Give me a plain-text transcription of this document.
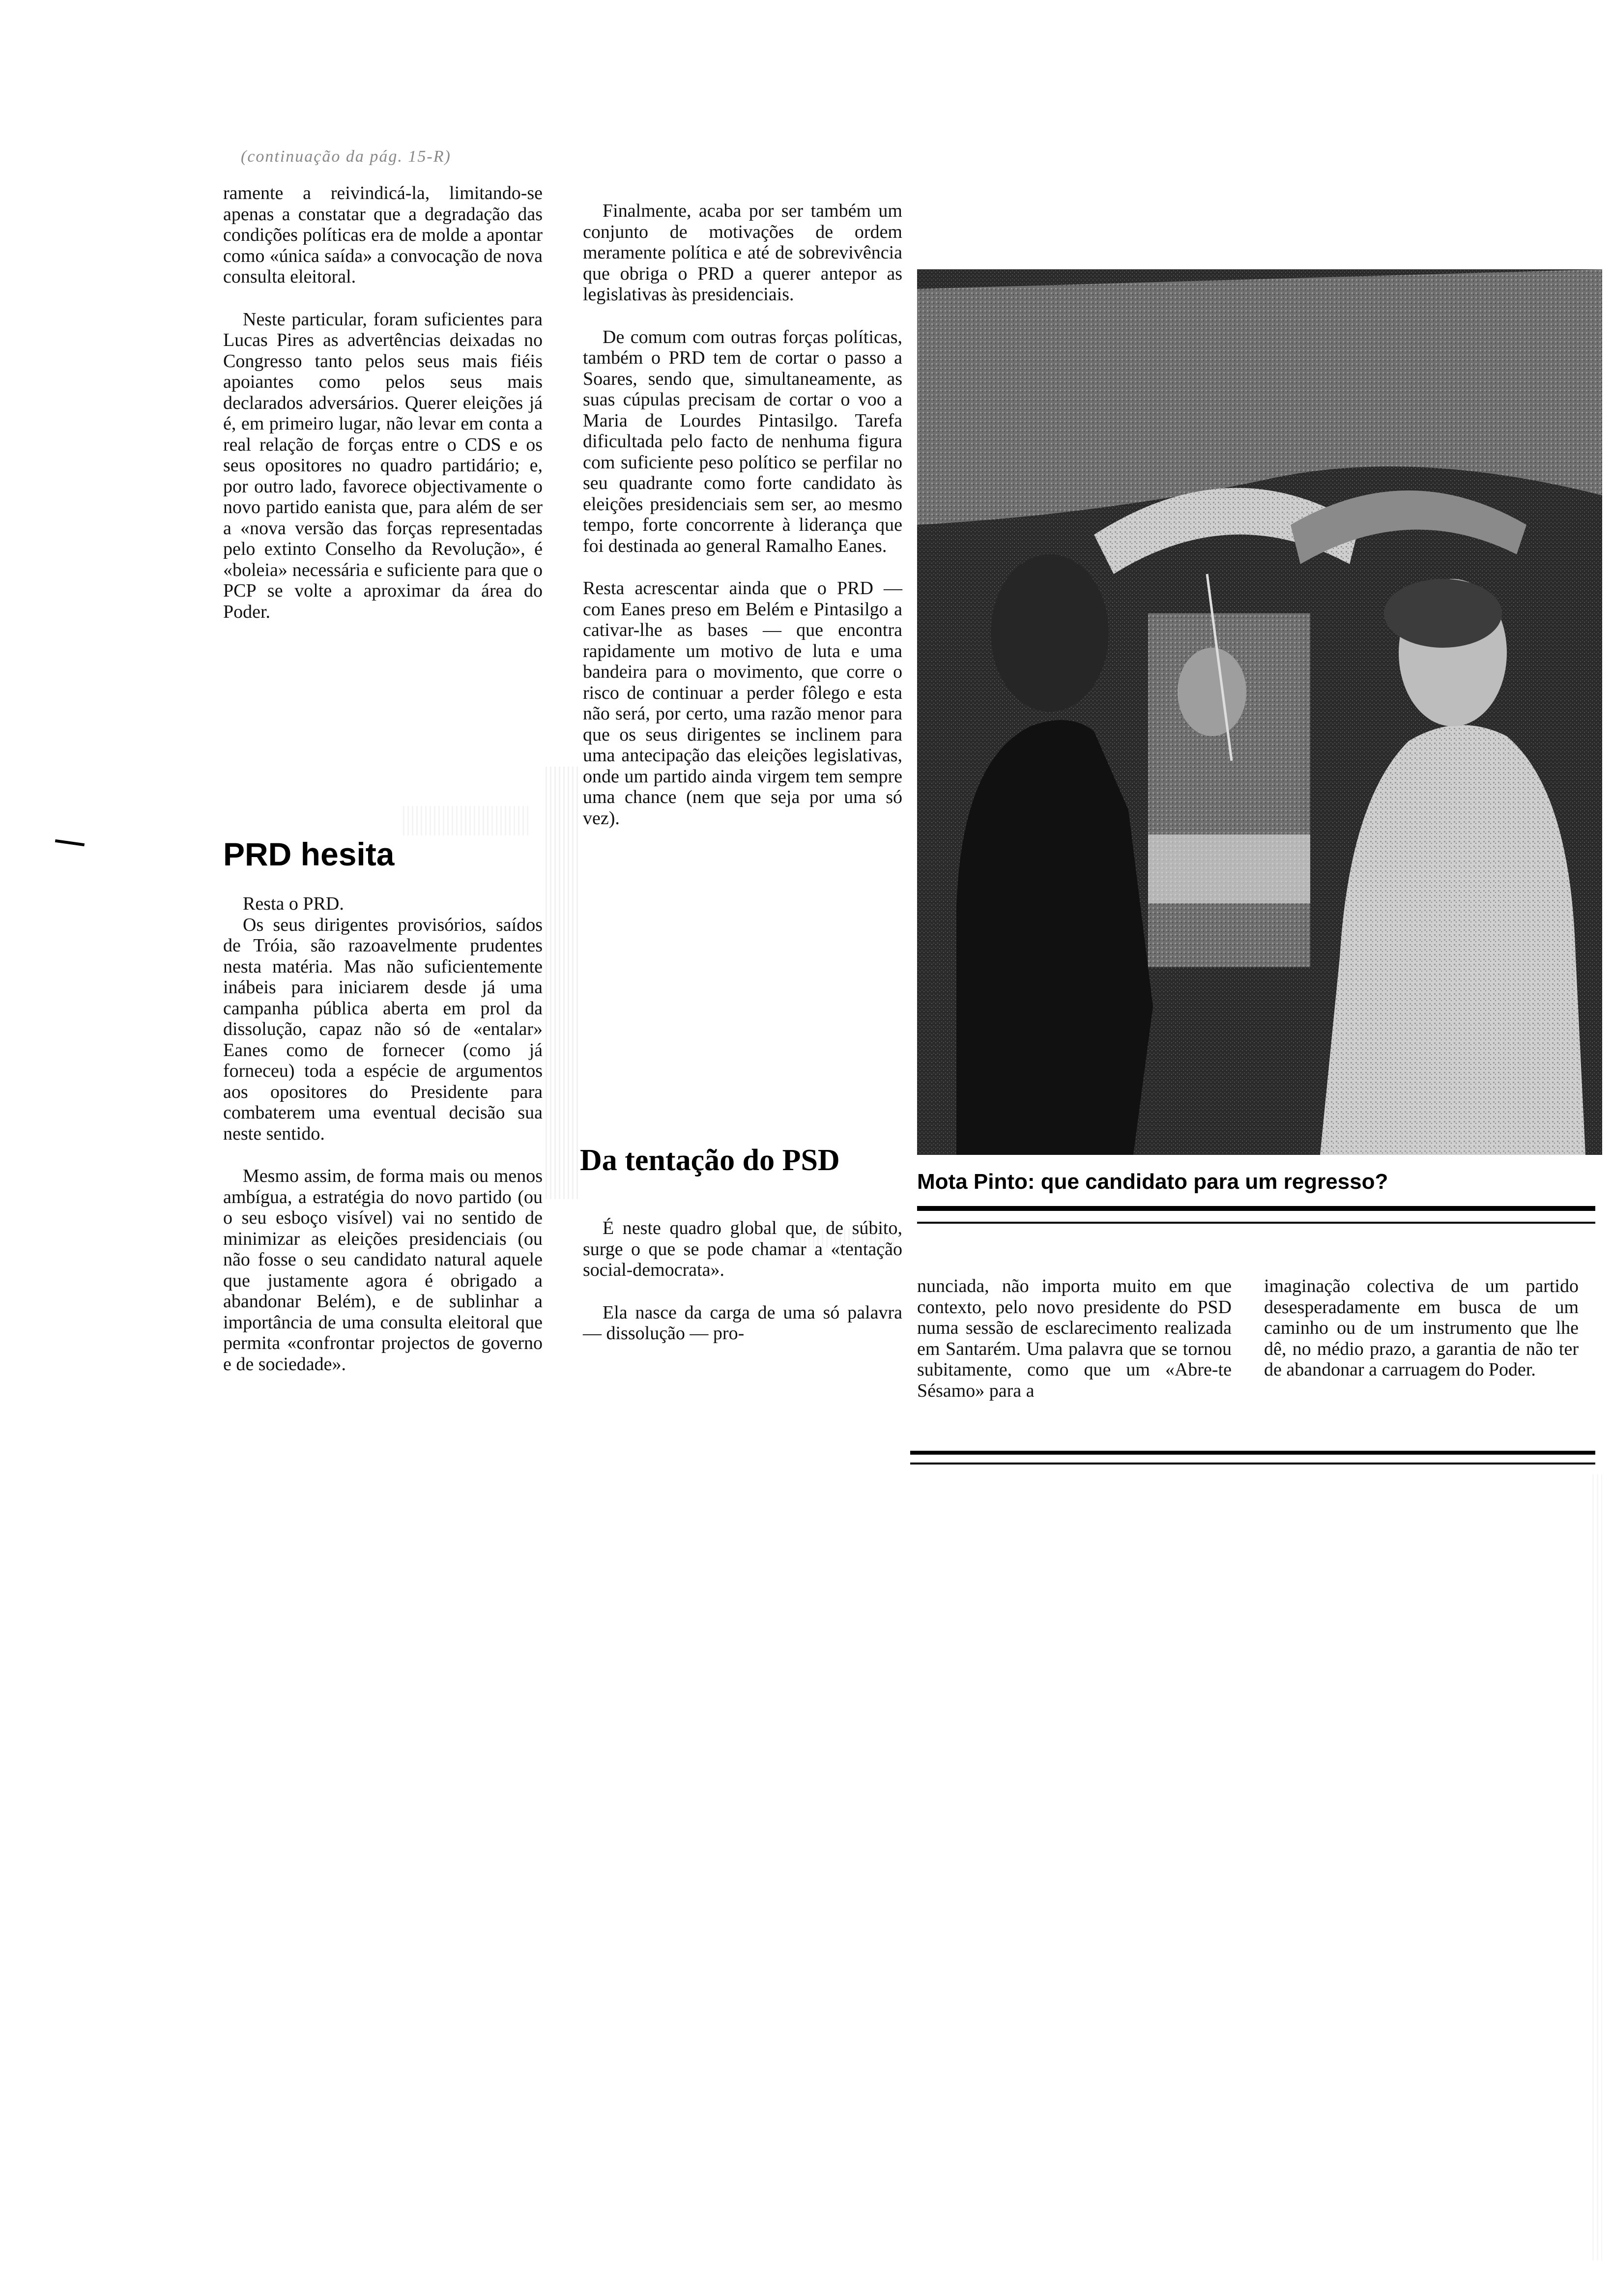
(continuação da pág. 15-R)

ramente a reivindicá-la, limitando-se apenas a constatar que a degradação das condições políticas era de molde a apontar como «única saída» a convocação de nova consulta eleitoral.

Neste particular, foram suficientes para Lucas Pires as advertências deixadas no Congresso tanto pelos seus mais fiéis apoiantes como pelos seus mais declarados adversários. Querer eleições já é, em primeiro lugar, não levar em conta a real relação de forças entre o CDS e os seus opositores no quadro partidário; e, por outro lado, favorece objectivamente o novo partido eanista que, para além de ser a «nova versão das forças representadas pelo extinto Conselho da Revolução», é «boleia» necessária e suficiente para que o PCP se volte a aproximar da área do Poder.

PRD hesita

Resta o PRD.

Os seus dirigentes provisórios, saídos de Tróia, são razoavelmente prudentes nesta matéria. Mas não suficientemente inábeis para iniciarem desde já uma campanha pública aberta em prol da dissolução, capaz não só de «entalar» Eanes como de fornecer (como já forneceu) toda a espécie de argumentos aos opositores do Presidente para combaterem uma eventual decisão sua neste sentido.

Mesmo assim, de forma mais ou menos ambígua, a estratégia do novo partido (ou o seu esboço visível) vai no sentido de minimizar as eleições presidenciais (ou não fosse o seu candidato natural aquele que justamente agora é obrigado a abandonar Belém), e de sublinhar a importância de uma consulta eleitoral que permita «confrontar projectos de governo e de sociedade».

Finalmente, acaba por ser também um conjunto de motivações de ordem meramente política e até de sobrevivência que obriga o PRD a querer antepor as legislativas às presidenciais.

De comum com outras forças políticas, também o PRD tem de cortar o passo a Soares, sendo que, simultaneamente, as suas cúpulas precisam de cortar o voo a Maria de Lourdes Pintasilgo. Tarefa dificultada pelo facto de nenhuma figura com suficiente peso político se perfilar no seu quadrante como forte candidato às eleições presidenciais sem ser, ao mesmo tempo, forte concorrente à liderança que foi destinada ao general Ramalho Eanes.

Resta acrescentar ainda que o PRD — com Eanes preso em Belém e Pintasilgo a cativar-lhe as bases — que encontra rapidamente um motivo de luta e uma bandeira para o movimento, que corre o risco de continuar a perder fôlego e esta não será, por certo, uma razão menor para que os seus dirigentes se inclinem para uma antecipação das eleições legislativas, onde um partido ainda virgem tem sempre uma chance (nem que seja por uma só vez).

Da tentação do PSD

É neste quadro global que, de súbito, surge o que se pode chamar a «tentação social-democrata».

Ela nasce da carga de uma só palavra — dissolução — pro-

Mota Pinto: que candidato para um regresso?

nunciada, não importa muito em que contexto, pelo novo presidente do PSD numa sessão de esclarecimento realizada em Santarém. Uma palavra que se tornou subitamente, como que um «Abre-te Sésamo» para a

imaginação colectiva de um partido desesperadamente em busca de um caminho ou de um instrumento que lhe dê, no médio prazo, a garantia de não ter de abandonar a carruagem do Poder.
